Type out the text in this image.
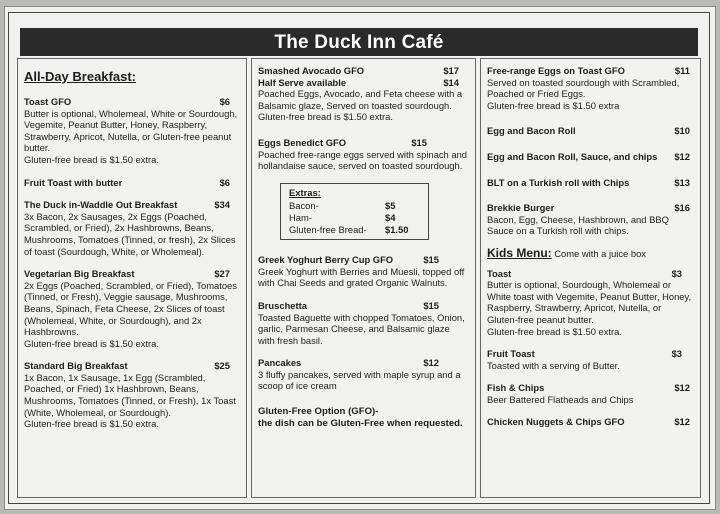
The Duck Inn Café
All-Day Breakfast:
Toast GFO	$6
Butter is optional, Wholemeal, White or Sourdough, Vegemite, Peanut Butter, Honey, Raspberry, Strawberry, Apricot, Nutella, or Gluten-free peanut butter.
Gluten-free bread is $1.50 extra.
Fruit Toast with butter	$6
The Duck in-Waddle Out Breakfast	$34
3x Bacon, 2x Sausages, 2x Eggs (Poached, Scrambled, or Fried), 2x Hashbrowns, Beans, Mushrooms, Tomatoes (Tinned, or fresh), 2x Slices of toast (Sourdough, White, or Wholemeal).
Vegetarian Big Breakfast	$27
2x Eggs (Poached, Scrambled, or Fried), Tomatoes (Tinned, or Fresh), Veggie sausage, Mushrooms, Beans, Spinach, Feta Cheese, 2x Slices of toast (Wholemeal, White, or Sourdough), and 2x Hashbrowns.
Gluten-free bread is $1.50 extra.
Standard Big Breakfast	$25
1x Bacon, 1x Sausage, 1x Egg (Scrambled, Poached, or Fried) 1x Hashbrown, Beans, Mushrooms, Tomatoes (Tinned, or Fresh), 1x Toast (White, Wholemeal, or Sourdough).
Gluten-free bread is $1.50 extra.
Smashed Avocado GFO	$17
Half Serve available	$14
Poached Eggs, Avocado, and Feta cheese with a Balsamic glaze, Served on toasted sourdough.
Gluten-free bread is $1.50 extra.
Eggs Benedict GFO	$15
Poached free-range eggs served with spinach and hollandaise sauce, served on toasted sourdough.
Extras:
Bacon-	$5
Ham-	$4
Gluten-free Bread-	$1.50
Greek Yoghurt Berry Cup GFO	$15
Greek Yoghurt with Berries and Muesli, topped off with Chai Seeds and grated Organic Walnuts.
Bruschetta	$15
Toasted Baguette with chopped Tomatoes, Onion, garlic, Parmesan Cheese, and Balsamic glaze with fresh basil.
Pancakes	$12
3 fluffy pancakes, served with maple syrup and a scoop of ice cream
Gluten-Free Option (GFO)-
the dish can be Gluten-Free when requested.
Free-range Eggs on Toast GFO	$11
Served on toasted sourdough with Scrambled, Poached or Fried Eggs.
Gluten-free bread is $1.50 extra
Egg and Bacon Roll	$10
Egg and Bacon Roll, Sauce, and chips $12
BLT on a Turkish roll with Chips	$13
Brekkie Burger	$16
Bacon, Egg, Cheese, Hashbrown, and BBQ Sauce on a Turkish roll with chips.
Kids Menu: Come with a juice box
Toast	$3
Butter is optional, Sourdough, Wholemeal or White toast with Vegemite, Peanut Butter, Honey, Raspberry, Strawberry, Apricot, Nutella, or Gluten-free peanut butter.
Gluten-free bread is $1.50 extra.
Fruit Toast	$3
Toasted with a serving of Butter.
Fish & Chips	$12
Beer Battered Flatheads and Chips
Chicken Nuggets & Chips GFO	$12
